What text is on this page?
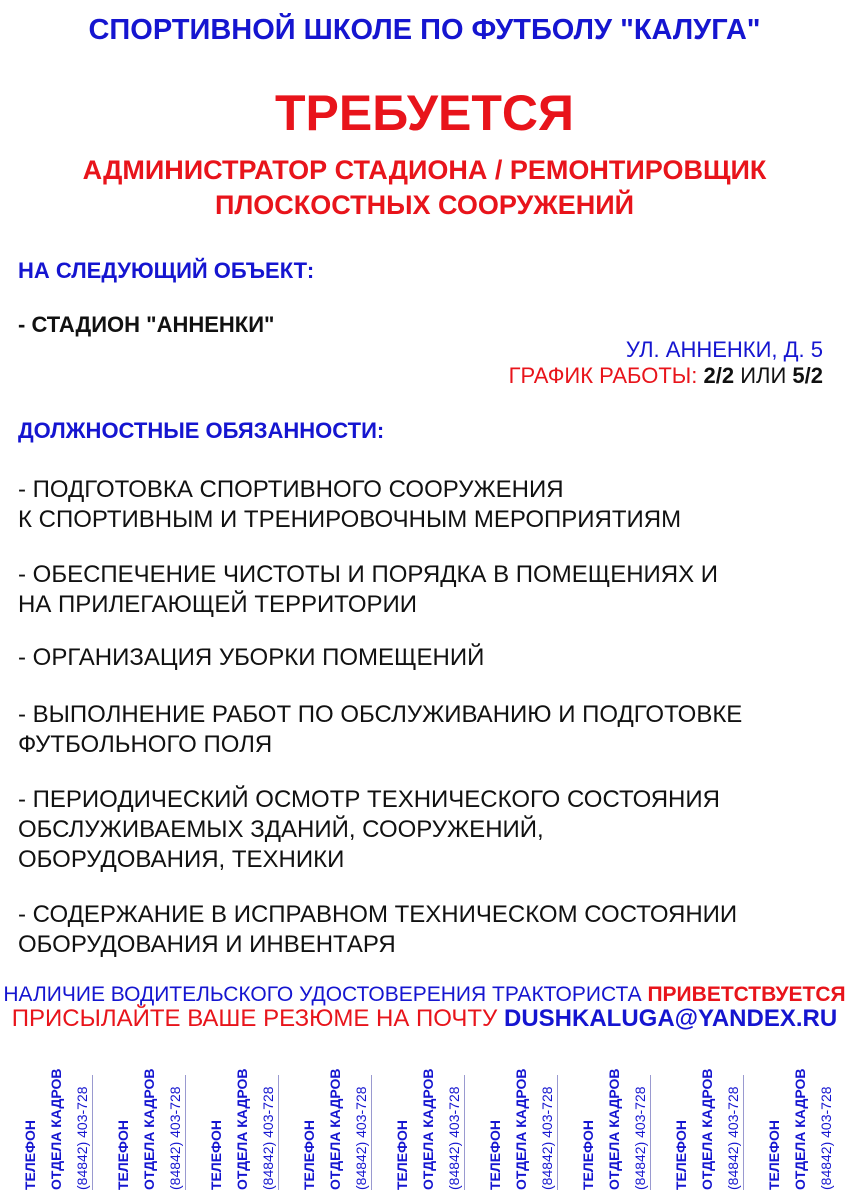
СПОРТИВНОЙ ШКОЛЕ ПО ФУТБОЛУ "КАЛУГА"
ТРЕБУЕТСЯ
АДМИНИСТРАТОР СТАДИОНА / РЕМОНТИРОВЩИК
ПЛОСКОСТНЫХ СООРУЖЕНИЙ
НА СЛЕДУЮЩИЙ ОБЪЕКТ:
- СТАДИОН "АННЕНКИ"
УЛ. АННЕНКИ, Д. 5
ГРАФИК РАБОТЫ: 2/2 ИЛИ 5/2
ДОЛЖНОСТНЫЕ ОБЯЗАННОСТИ:
- ПОДГОТОВКА СПОРТИВНОГО СООРУЖЕНИЯ
К СПОРТИВНЫМ И ТРЕНИРОВОЧНЫМ МЕРОПРИЯТИЯМ
- ОБЕСПЕЧЕНИЕ ЧИСТОТЫ И ПОРЯДКА В ПОМЕЩЕНИЯХ И
НА ПРИЛЕГАЮЩЕЙ ТЕРРИТОРИИ
- ОРГАНИЗАЦИЯ УБОРКИ ПОМЕЩЕНИЙ
- ВЫПОЛНЕНИЕ РАБОТ ПО ОБСЛУЖИВАНИЮ И ПОДГОТОВКЕ
ФУТБОЛЬНОГО ПОЛЯ
- ПЕРИОДИЧЕСКИЙ ОСМОТР ТЕХНИЧЕСКОГО СОСТОЯНИЯ
ОБСЛУЖИВАЕМЫХ ЗДАНИЙ, СООРУЖЕНИЙ,
ОБОРУДОВАНИЯ, ТЕХНИКИ
- СОДЕРЖАНИЕ В ИСПРАВНОМ ТЕХНИЧЕСКОМ СОСТОЯНИИ
ОБОРУДОВАНИЯ И ИНВЕНТАРЯ
НАЛИЧИЕ ВОДИТЕЛЬСКОГО УДОСТОВЕРЕНИЯ ТРАКТОРИСТА ПРИВЕТСТВУЕТСЯ
ПРИСЫЛАЙТЕ ВАШЕ РЕЗЮМЕ НА ПОЧТУ DUSHKALUGA@YANDEX.RU
ТЕЛЕФОН ОТДЕЛА КАДРОВ (84842) 403-728	ТЕЛЕФОН ОТДЕЛА КАДРОВ (84842) 403-728	ТЕЛЕФОН ОТДЕЛА КАДРОВ (84842) 403-728	ТЕЛЕФОН ОТДЕЛА КАДРОВ (84842) 403-728	ТЕЛЕФОН ОТДЕЛА КАДРОВ (84842) 403-728	ТЕЛЕФОН ОТДЕЛА КАДРОВ (84842) 403-728	ТЕЛЕФОН ОТДЕЛА КАДРОВ (84842) 403-728	ТЕЛЕФОН ОТДЕЛА КАДРОВ (84842) 403-728	ТЕЛЕФОН ОТДЕЛА КАДРОВ (84842) 403-728
